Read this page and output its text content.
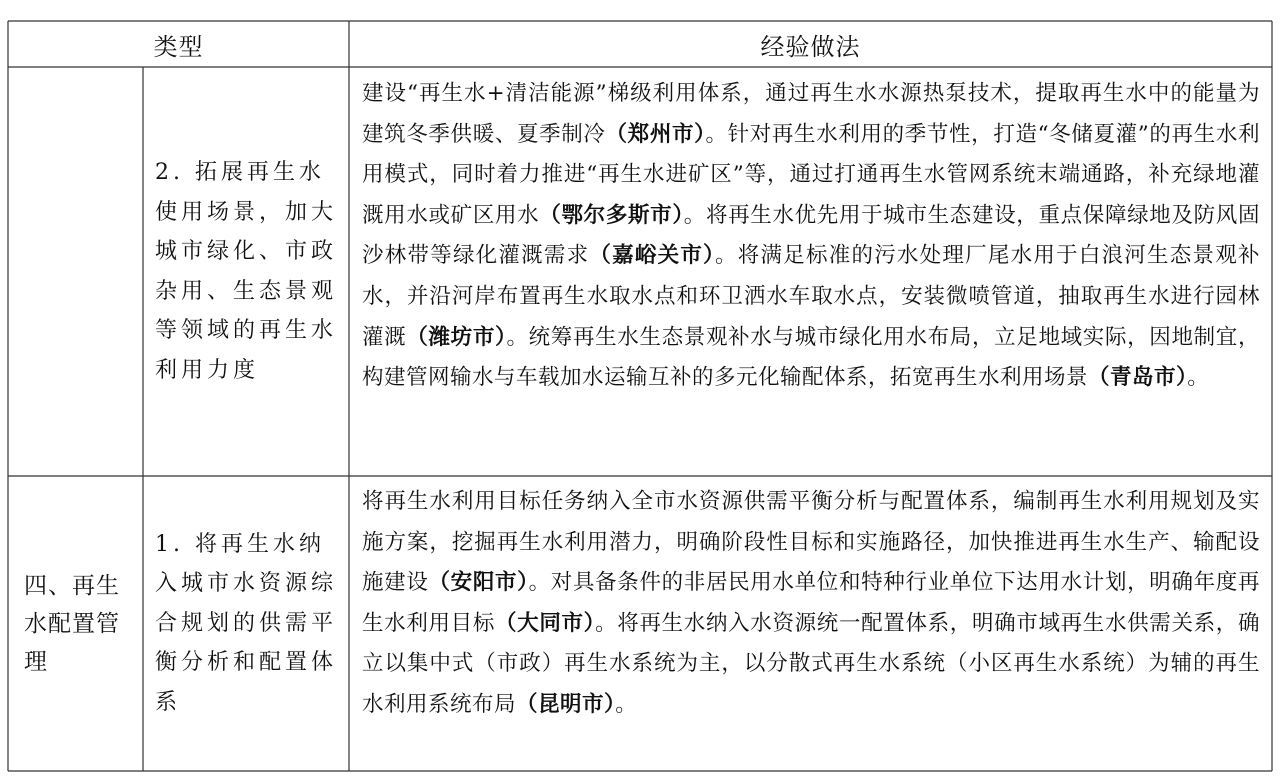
类型	经验做法
2. 拓展再生水使用场景，加大城市绿化、市政杂用、生态景观等领域的再生水利用力度
建设“再生水+清洁能源”梯级利用体系，通过再生水水源热泵技术，提取再生水中的能量为建筑冬季供暖、夏季制冷（郑州市）。针对再生水利用的季节性，打造“冬储夏灌”的再生水利用模式，同时着力推进“再生水进矿区”等，通过打通再生水管网系统末端通路，补充绿地灌溉用水或矿区用水（鄂尔多斯市）。将再生水优先用于城市生态建设，重点保障绿地及防风固沙林带等绿化灌溉需求（嘉峪关市）。将满足标准的污水处理厂尾水用于白浪河生态景观补水，并沿河岸布置再生水取水点和环卫洒水车取水点，安装微喷管道，抽取再生水进行园林灌溉（潍坊市）。统筹再生水生态景观补水与城市绿化用水布局，立足地域实际，因地制宜，构建管网输水与车载加水运输互补的多元化输配体系，拓宽再生水利用场景（青岛市）。
四、再生水配置管理
1. 将再生水纳入城市水资源综合规划的供需平衡分析和配置体系
将再生水利用目标任务纳入全市水资源供需平衡分析与配置体系，编制再生水利用规划及实施方案，挖掘再生水利用潜力，明确阶段性目标和实施路径，加快推进再生水生产、输配设施建设（安阳市）。对具备条件的非居民用水单位和特种行业单位下达用水计划，明确年度再生水利用目标（大同市）。将再生水纳入水资源统一配置体系，明确市域再生水供需关系，确立以集中式（市政）再生水系统为主，以分散式再生水系统（小区再生水系统）为辅的再生水利用系统布局（昆明市）。
